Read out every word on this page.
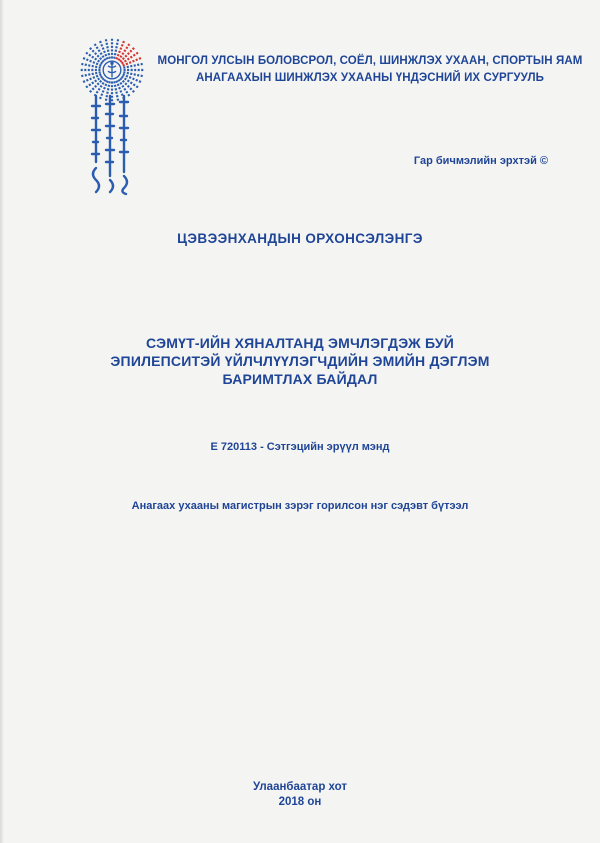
МОНГОЛ УЛСЫН БОЛОВСРОЛ, СОЁЛ, ШИНЖЛЭХ УХААН, СПОРТЫН ЯАМ
АНАГААХЫН ШИНЖЛЭХ УХААНЫ ҮНДЭСНИЙ ИХ СУРГУУЛЬ
Гар бичмэлийн эрхтэй ©
ЦЭВЭЭНХАНДЫН ОРХОНСЭЛЭНГЭ
СЭМҮТ-ИЙН ХЯНАЛТАНД ЭМЧЛЭГДЭЖ БУЙ
ЭПИЛЕПСИТЭЙ ҮЙЛЧЛҮҮЛЭГЧДИЙН ЭМИЙН ДЭГЛЭМ
БАРИМТЛАХ БАЙДАЛ
Е 720113 - Сэтгэцийн эрүүл мэнд
Анагаах ухааны магистрын зэрэг горилсон нэг сэдэвт бүтээл
Улаанбаатар хот
2018 он
